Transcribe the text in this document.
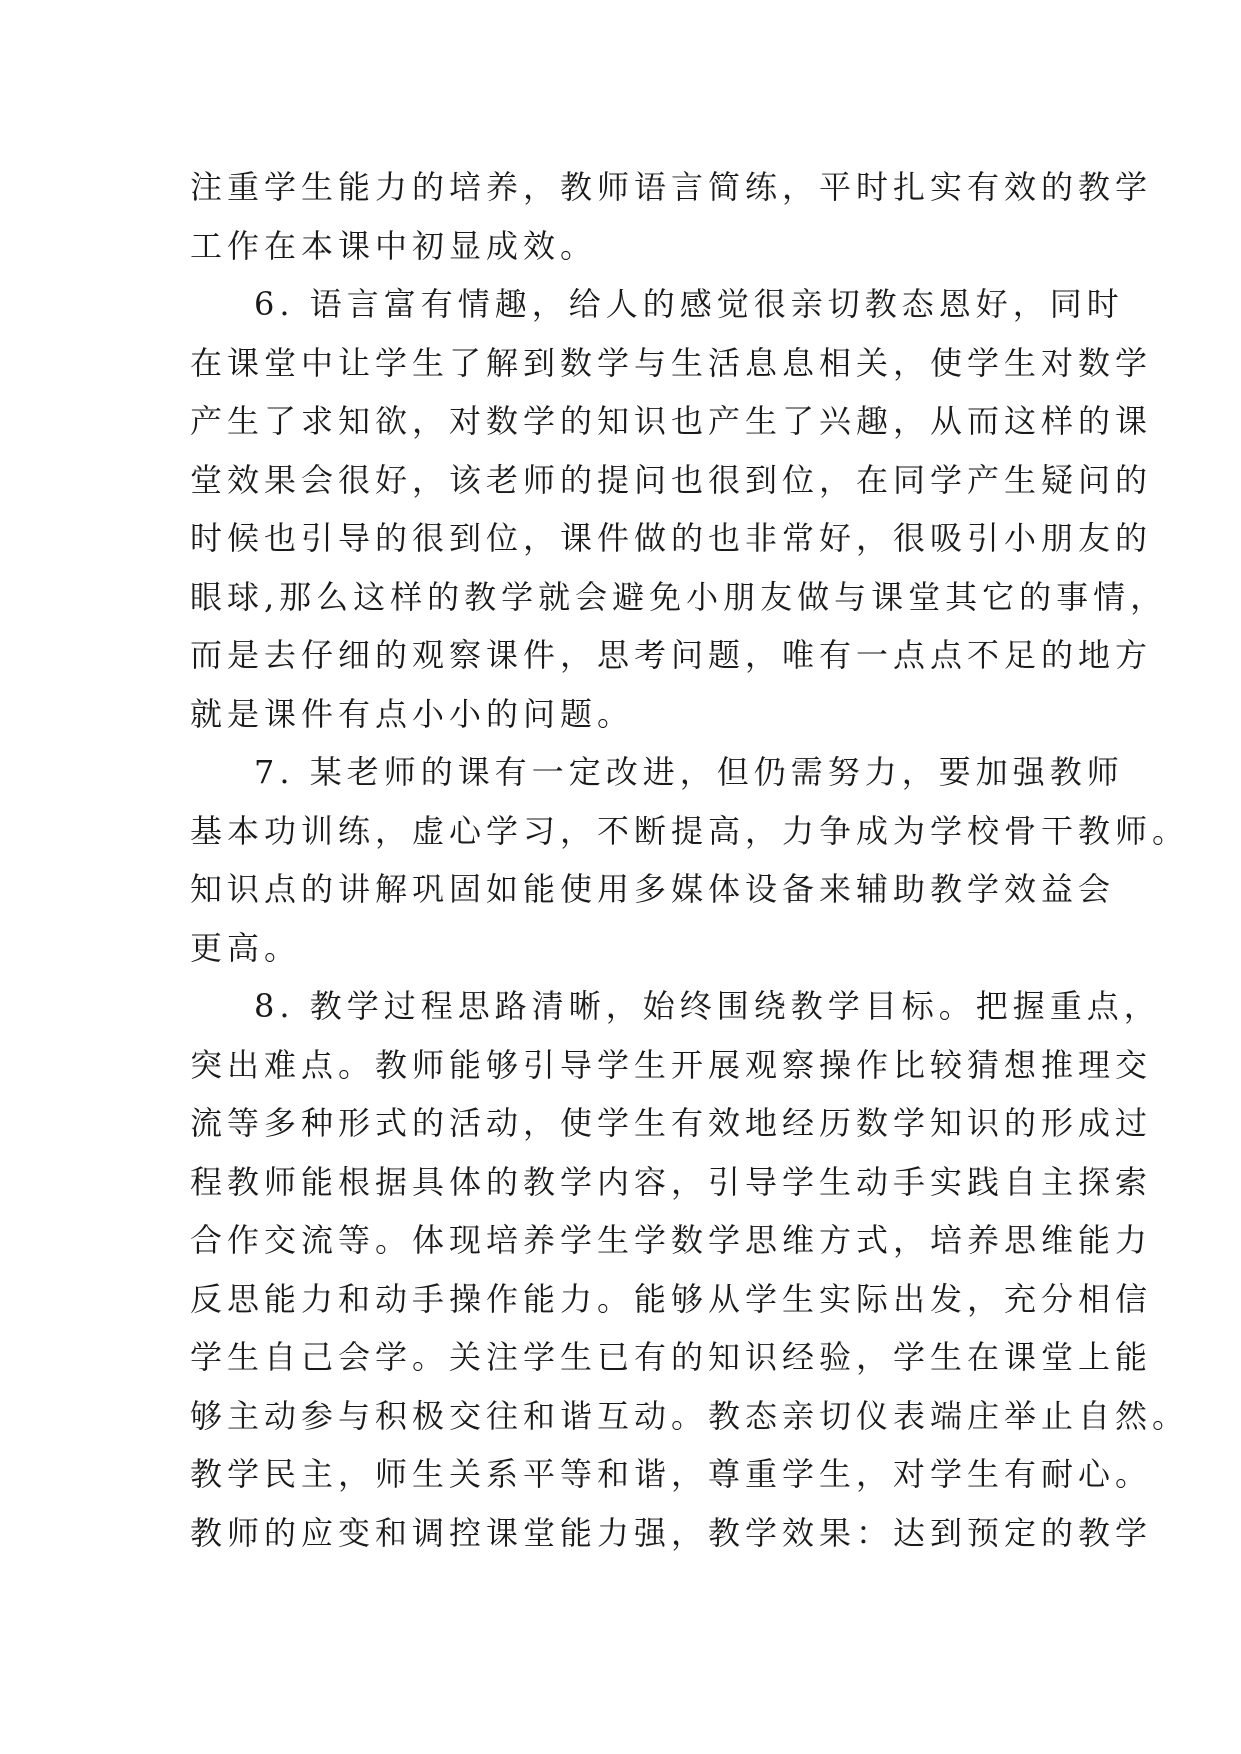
注重学生能力的培养，教师语言简练，平时扎实有效的教学
工作在本课中初显成效。
6. 语言富有情趣，给人的感觉很亲切教态恩好，同时
在课堂中让学生了解到数学与生活息息相关，使学生对数学
产生了求知欲，对数学的知识也产生了兴趣，从而这样的课
堂效果会很好，该老师的提问也很到位，在同学产生疑问的
时候也引导的很到位，课件做的也非常好，很吸引小朋友的
眼球,那么这样的教学就会避免小朋友做与课堂其它的事情，
而是去仔细的观察课件，思考问题，唯有一点点不足的地方
就是课件有点小小的问题。
7. 某老师的课有一定改进，但仍需努力，要加强教师
基本功训练，虚心学习，不断提高，力争成为学校骨干教师。
知识点的讲解巩固如能使用多媒体设备来辅助教学效益会
更高。
8. 教学过程思路清晰，始终围绕教学目标。把握重点，
突出难点。教师能够引导学生开展观察操作比较猜想推理交
流等多种形式的活动，使学生有效地经历数学知识的形成过
程教师能根据具体的教学内容，引导学生动手实践自主探索
合作交流等。体现培养学生学数学思维方式，培养思维能力
反思能力和动手操作能力。能够从学生实际出发，充分相信
学生自己会学。关注学生已有的知识经验，学生在课堂上能
够主动参与积极交往和谐互动。教态亲切仪表端庄举止自然。
教学民主，师生关系平等和谐，尊重学生，对学生有耐心。
教师的应变和调控课堂能力强，教学效果：达到预定的教学
